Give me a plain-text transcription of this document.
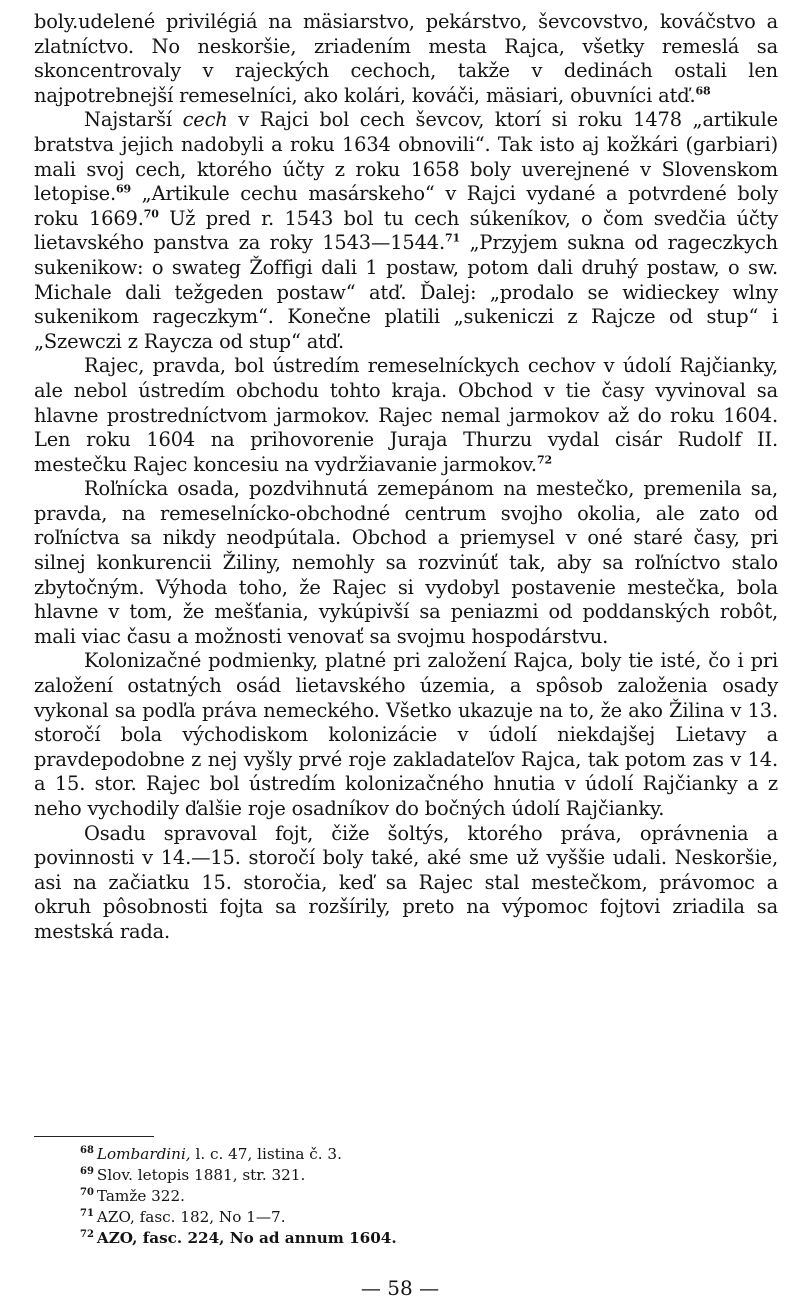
boly.udelené privilégiá na mäsiarstvo, pekárstvo, ševcovstvo, kováčstvo a zlatníctvo. No neskoršie, zriadením mesta Rajca, všetky remeslá sa skoncentrovaly v rajeckých cechoch, takže v dedinách ostali len najpotrebnejší remeselníci, ako kolári, kováči, mäsiari, obuvníci atď.$^{68}$

Najstarší cech v Rajci bol cech ševcov, ktorí si roku 1478 „artikule bratstva jejich nadobyli a roku 1634 obnovili“. Tak isto aj kožkári (garbiari) mali svoj cech, ktorého účty z roku 1658 boly uverejnené v Slovenskom letopise.$^{69}$ „Artikule cechu masárskeho“ v Rajci vydané a potvrdené boly roku 1669.70 Už pred r. 1543 bol tu cech súkeníkov, o čom svedčia účty lietavského panstva za roky 1543—1544.71 „Przyjem sukna od rageczkych sukenikow: o swateg Žoffigi dali 1 postaw, potom dali druhý postaw, o sw. Michale dali težgeden postaw“ atď. Ďalej: „prodalo se widieckey wlny sukenikom rageczkym“. Konečne platili „sukeniczi z Rajcze od stup“ i „Szewczi z Raycza od stup“ atď.

Rajec, pravda, bol ústredím remeselníckych cechov v údolí Rajčianky, ale nebol ústredím obchodu tohto kraja. Obchod v tie časy vyvinoval sa hlavne prostredníctvom jarmokov. Rajec nemal jarmokov až do roku 1604. Len roku 1604 na prihovorenie Juraja Thurzu vydal cisár Rudolf II. mestečku Rajec koncesiu na vydržiavanie jarmokov.$^{72}$

Roľnícka osada, pozdvihnutá zemepánom na mestečko, premenila sa, pravda, na remeselnícko-obchodné centrum svojho okolia, ale zato od roľníctva sa nikdy neodpútala. Obchod a priemysel v oné staré časy, pri silnej konkurencii Žiliny, nemohly sa rozvinúť tak, aby sa roľníctvo stalo zbytočným. Výhoda toho, že Rajec si vydobyl postavenie mestečka, bola hlavne v tom, že mešťania, vykúpivší sa peniazmi od poddanských robôt, mali viac času a možnosti venovať sa svojmu hospodárstvu.

Kolonizačné podmienky, platné pri založení Rajca, boly tie isté, čo i pri založení ostatných osád lietavského územia, a spôsob založenia osady vykonal sa podľa práva nemeckého. Všetko ukazuje na to, že ako Žilina v 13. storočí bola východiskom kolonizácie v údolí niekdajšej Lietavy a pravdepodobne z nej vyšly prvé roje zakladateľov Rajca, tak potom zas v 14. a 15. stor. Rajec bol ústredím kolonizačného hnutia v údolí Rajčianky a z neho vychodily ďalšie roje osadníkov do bočných údolí Rajčianky.

Osadu spravoval fojt, čiže šoltýs, ktorého práva, oprávnenia a povinnosti v 14.—15. storočí boly také, aké sme už vyššie udali. Neskoršie, asi na začiatku 15. storočia, keď sa Rajec stal mestečkom, právomoc a okruh pôsobnosti fojta sa rozšírily, preto na výpomoc fojtovi zriadila sa mestská rada.

$^{68}$ Lombardini, l. c. 47, listina č. 3.
$^{69}$ Slov. letopis 1881, str. 321.
$^{70}$ Tamže 322.
$^{71}$ AZO, fasc. 182, No 1—7.
$^{72}$ AZO, fasc. 224, No ad annum 1604.
— 58 —
